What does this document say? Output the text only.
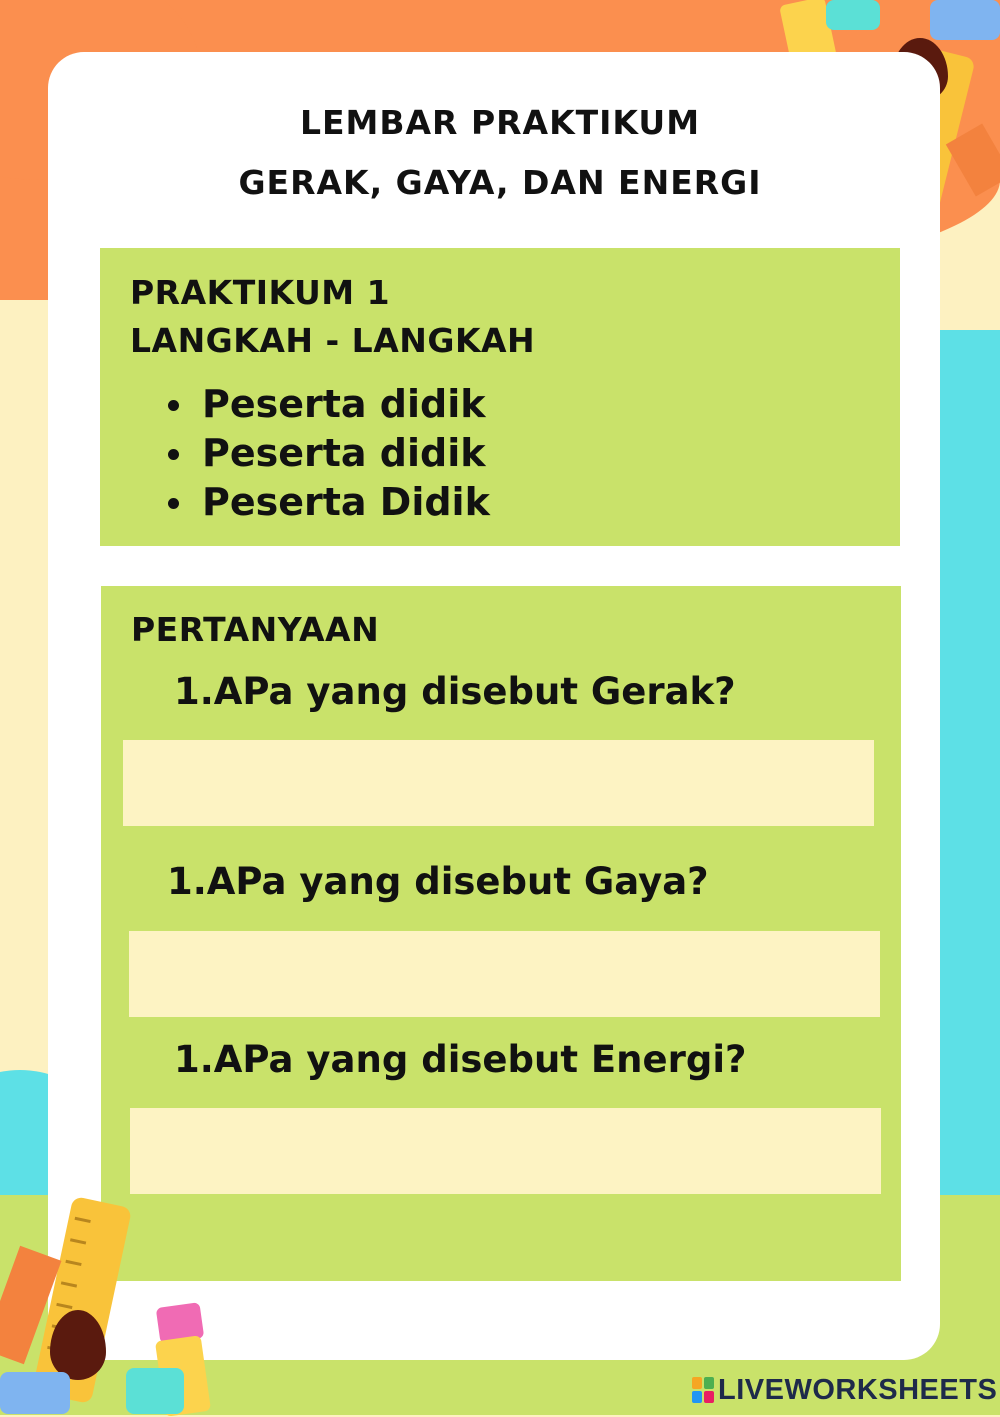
LEMBAR PRAKTIKUM
GERAK, GAYA, DAN ENERGI
PRAKTIKUM 1
LANGKAH - LANGKAH
Peserta didik
Peserta didik
Peserta Didik
PERTANYAAN
1.APa yang disebut Gerak?
1.APa yang disebut Gaya?
1.APa yang disebut Energi?
LIVEWORKSHEETS
